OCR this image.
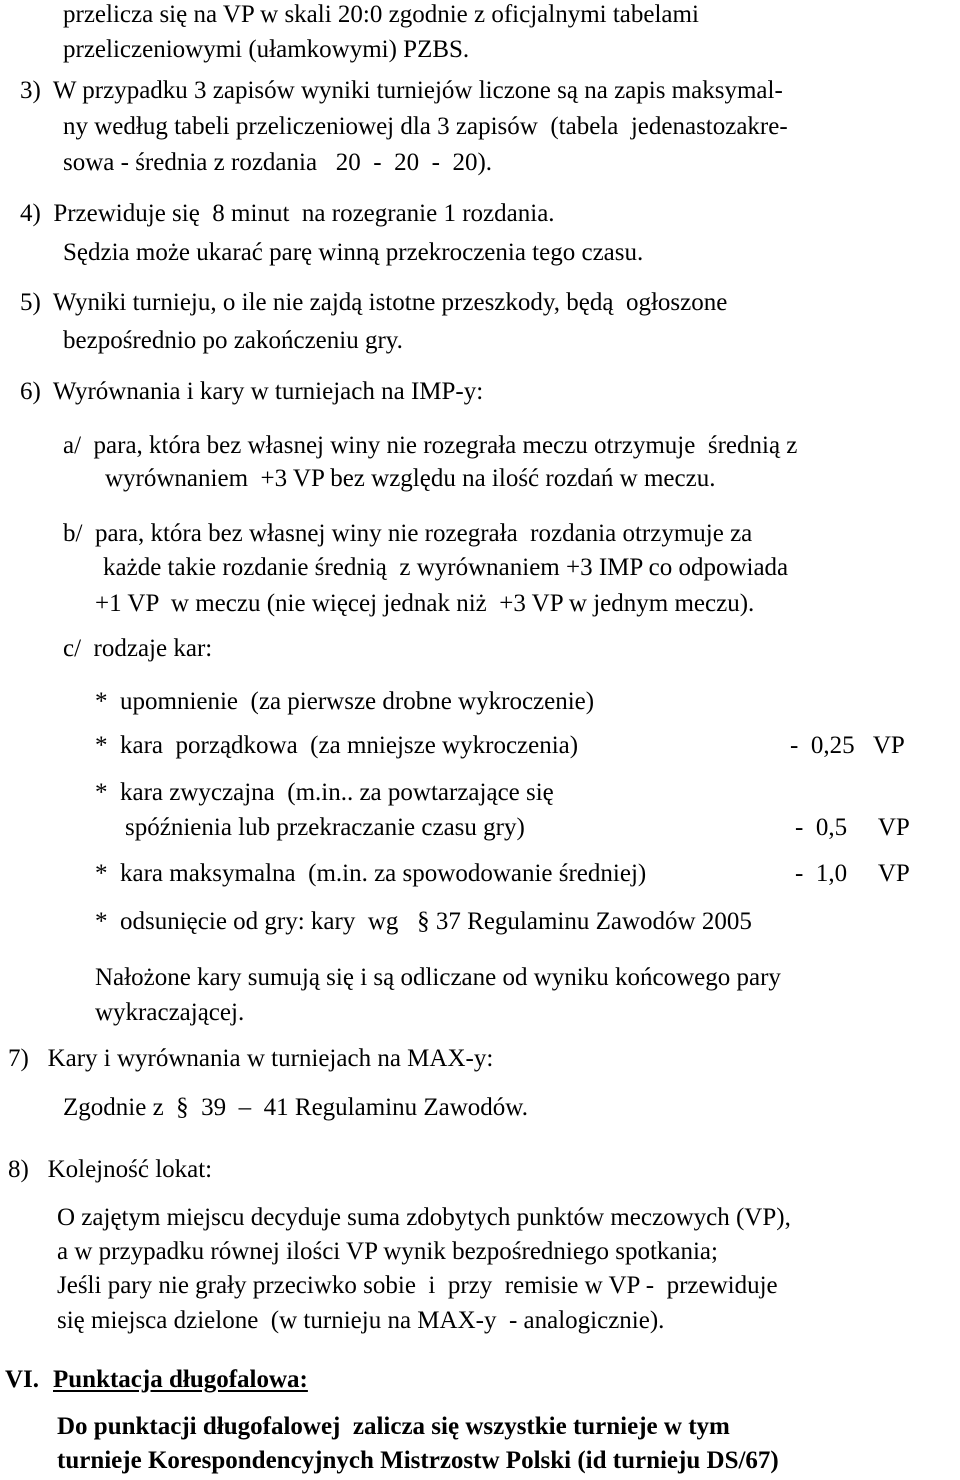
przelicza się na VP w skali 20:0 zgodnie z oficjalnymi tabelami
przeliczeniowymi (ułamkowymi) PZBS.
3)  W przypadku 3 zapisów wyniki turniejów liczone są na zapis maksymal-
ny według tabeli przeliczeniowej dla 3 zapisów  (tabela  jedenastozakre-
sowa - średnia z rozdania   20  -  20  -  20).
4)  Przewiduje się  8 minut  na rozegranie 1 rozdania.
Sędzia może ukarać parę winną przekroczenia tego czasu.
5)  Wyniki turnieju, o ile nie zajdą istotne przeszkody, będą  ogłoszone
bezpośrednio po zakończeniu gry.
6)  Wyrównania i kary w turniejach na IMP-y:
a/  para, która bez własnej winy nie rozegrała meczu otrzymuje  średnią z
wyrównaniem  +3 VP bez względu na ilość rozdań w meczu.
b/  para, która bez własnej winy nie rozegrała  rozdania otrzymuje za
każde takie rozdanie średnią  z wyrównaniem +3 IMP co odpowiada
+1 VP  w meczu (nie więcej jednak niż  +3 VP w jednym meczu).
c/  rodzaje kar:
*  upomnienie  (za pierwsze drobne wykroczenie)
*  kara  porządkowa  (za mniejsze wykroczenia)	-  0,25   VP
*  kara zwyczajna  (m.in.. za powtarzające się
spóźnienia lub przekraczanie czasu gry)	-  0,5     VP
*  kara maksymalna  (m.in. za spowodowanie średniej)	-  1,0     VP
*  odsunięcie od gry: kary  wg   § 37 Regulaminu Zawodów 2005
Nałożone kary sumują się i są odliczane od wyniku końcowego pary
wykraczającej.
7)   Kary i wyrównania w turniejach na MAX-y:
Zgodnie z  §  39  –  41 Regulaminu Zawodów.
8)   Kolejność lokat:
O zajętym miejscu decyduje suma zdobytych punktów meczowych (VP),
a w przypadku równej ilości VP wynik bezpośredniego spotkania;
Jeśli pary nie grały przeciwko sobie  i  przy  remisie w VP -  przewiduje
się miejsca dzielone  (w turnieju na MAX-y  - analogicznie).
VI. Punktacja długofalowa:
Do punktacji długofalowej  zalicza się wszystkie turnieje w tym
turnieje Korespondencyjnych Mistrzostw Polski (id turnieju DS/67)
